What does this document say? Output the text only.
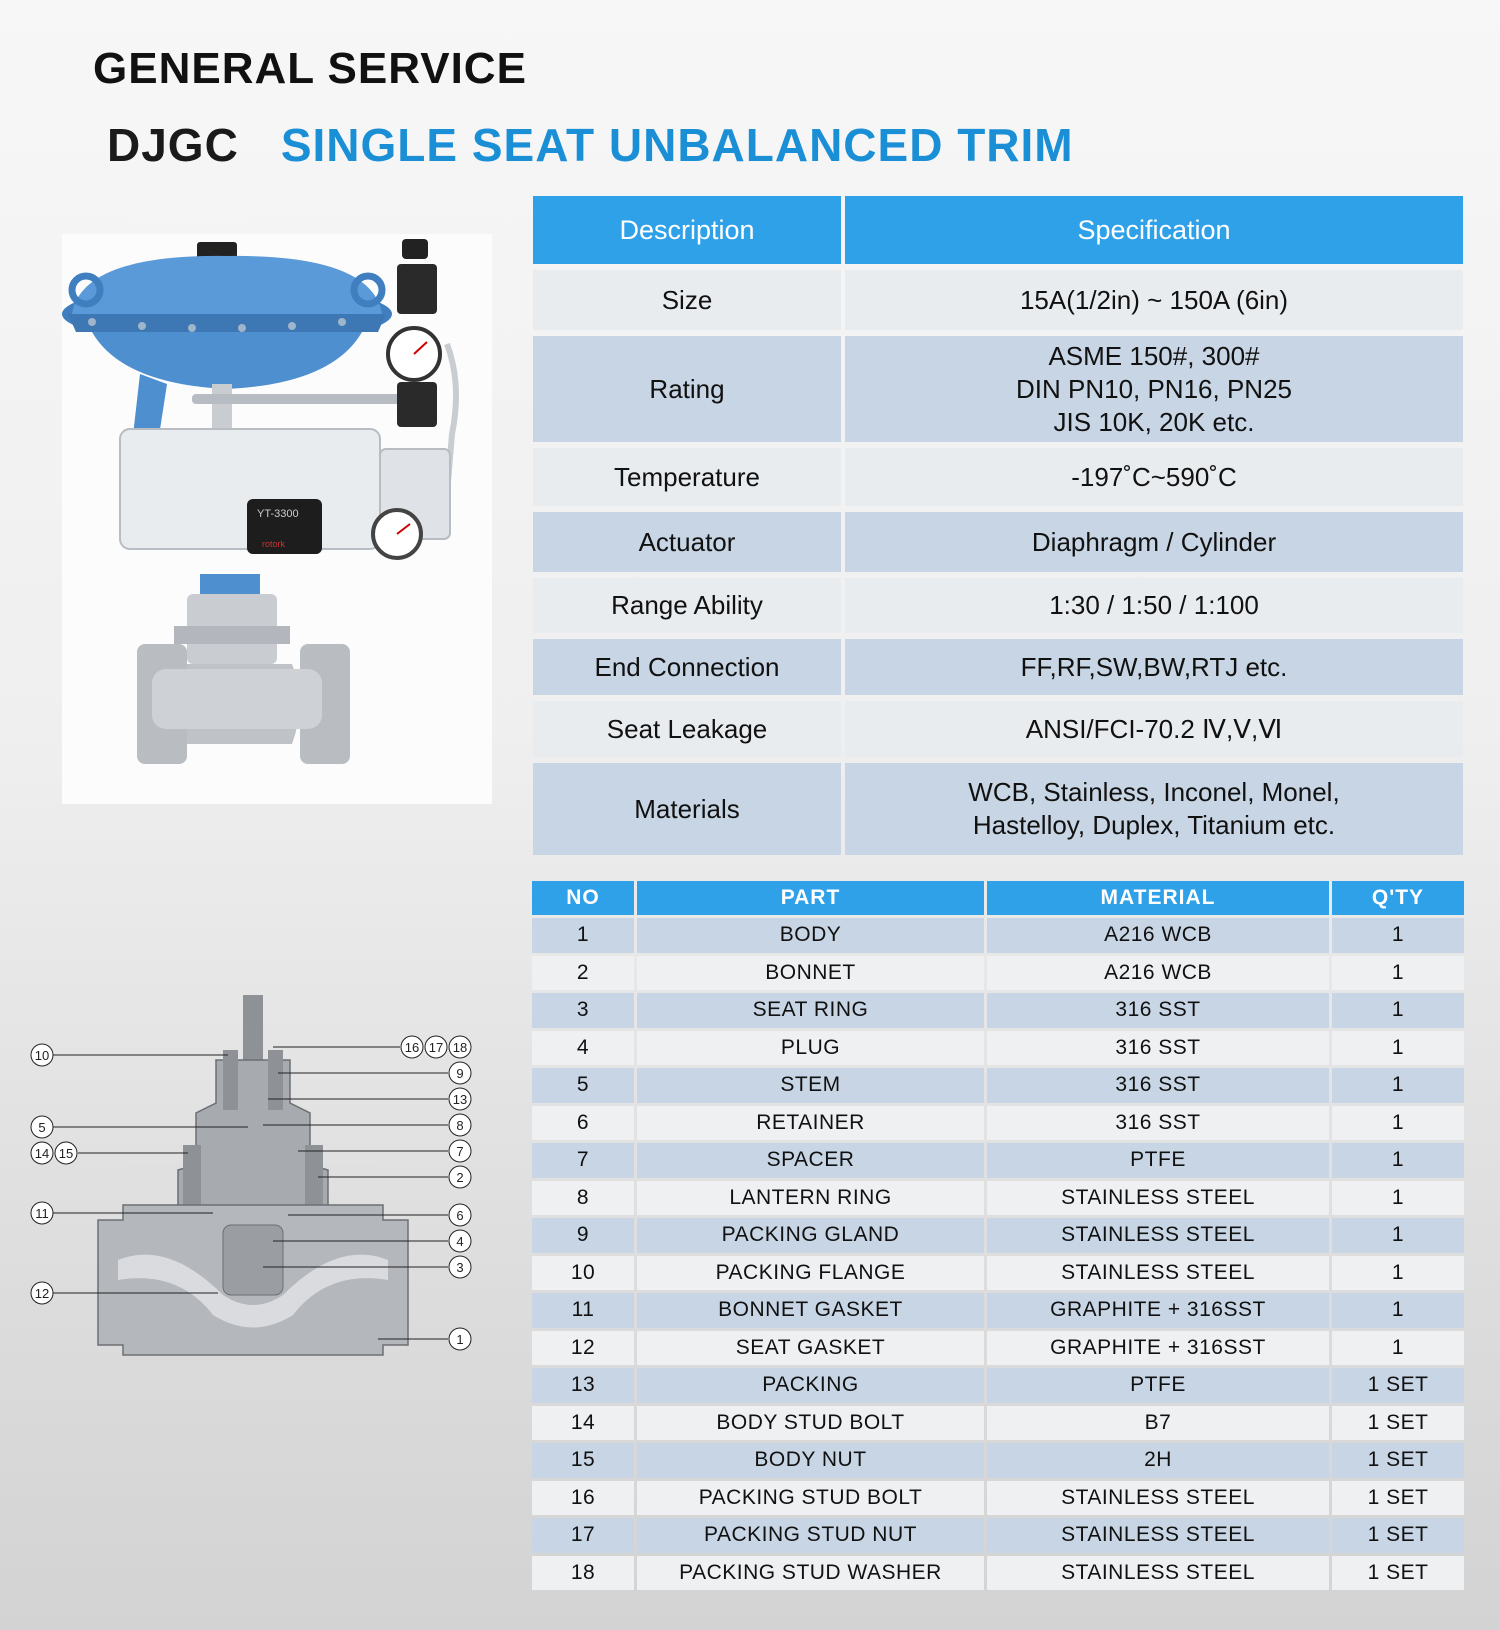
GENERAL SERVICE
DJGC SINGLE SEAT UNBALANCED TRIM
YT-3300
rotork
Description	Specification
Size	15A(1/2in) ~ 150A (6in)
Rating	ASME 150#, 300#
DIN PN10, PN16, PN25
JIS 10K, 20K etc.

Temperature	-197˚C~590˚C
Actuator	Diaphragm / Cylinder
Range Ability	1:30 / 1:50 / 1:100
End Connection	FF,RF,SW,BW,RTJ etc.
Seat Leakage	ANSI/FCI-70.2 Ⅳ,Ⅴ,Ⅵ
Materials	WCB, Stainless, Inconel, Monel,
Hastelloy, Duplex, Titanium etc.
NO	PART	MATERIAL	Q'TY
1	BODY	A216 WCB	1
2	BONNET	A216 WCB	1
3	SEAT RING	316 SST	1
4	PLUG	316 SST	1
5	STEM	316 SST	1
6	RETAINER	316 SST	1
7	SPACER	PTFE	1
8	LANTERN RING	STAINLESS STEEL	1
9	PACKING GLAND	STAINLESS STEEL	1
10	PACKING FLANGE	STAINLESS STEEL	1
11	BONNET GASKET	GRAPHITE + 316SST	1
12	SEAT GASKET	GRAPHITE + 316SST	1
13	PACKING	PTFE	1 SET
14	BODY STUD BOLT	B7	1 SET
15	BODY NUT	2H	1 SET
16	PACKING STUD BOLT	STAINLESS STEEL	1 SET
17	PACKING STUD NUT	STAINLESS STEEL	1 SET
18	PACKING STUD WASHER	STAINLESS STEEL	1 SET
10
5
14 15
11
12
16 17 18
9
13
8
7
2
6
4
3
1
